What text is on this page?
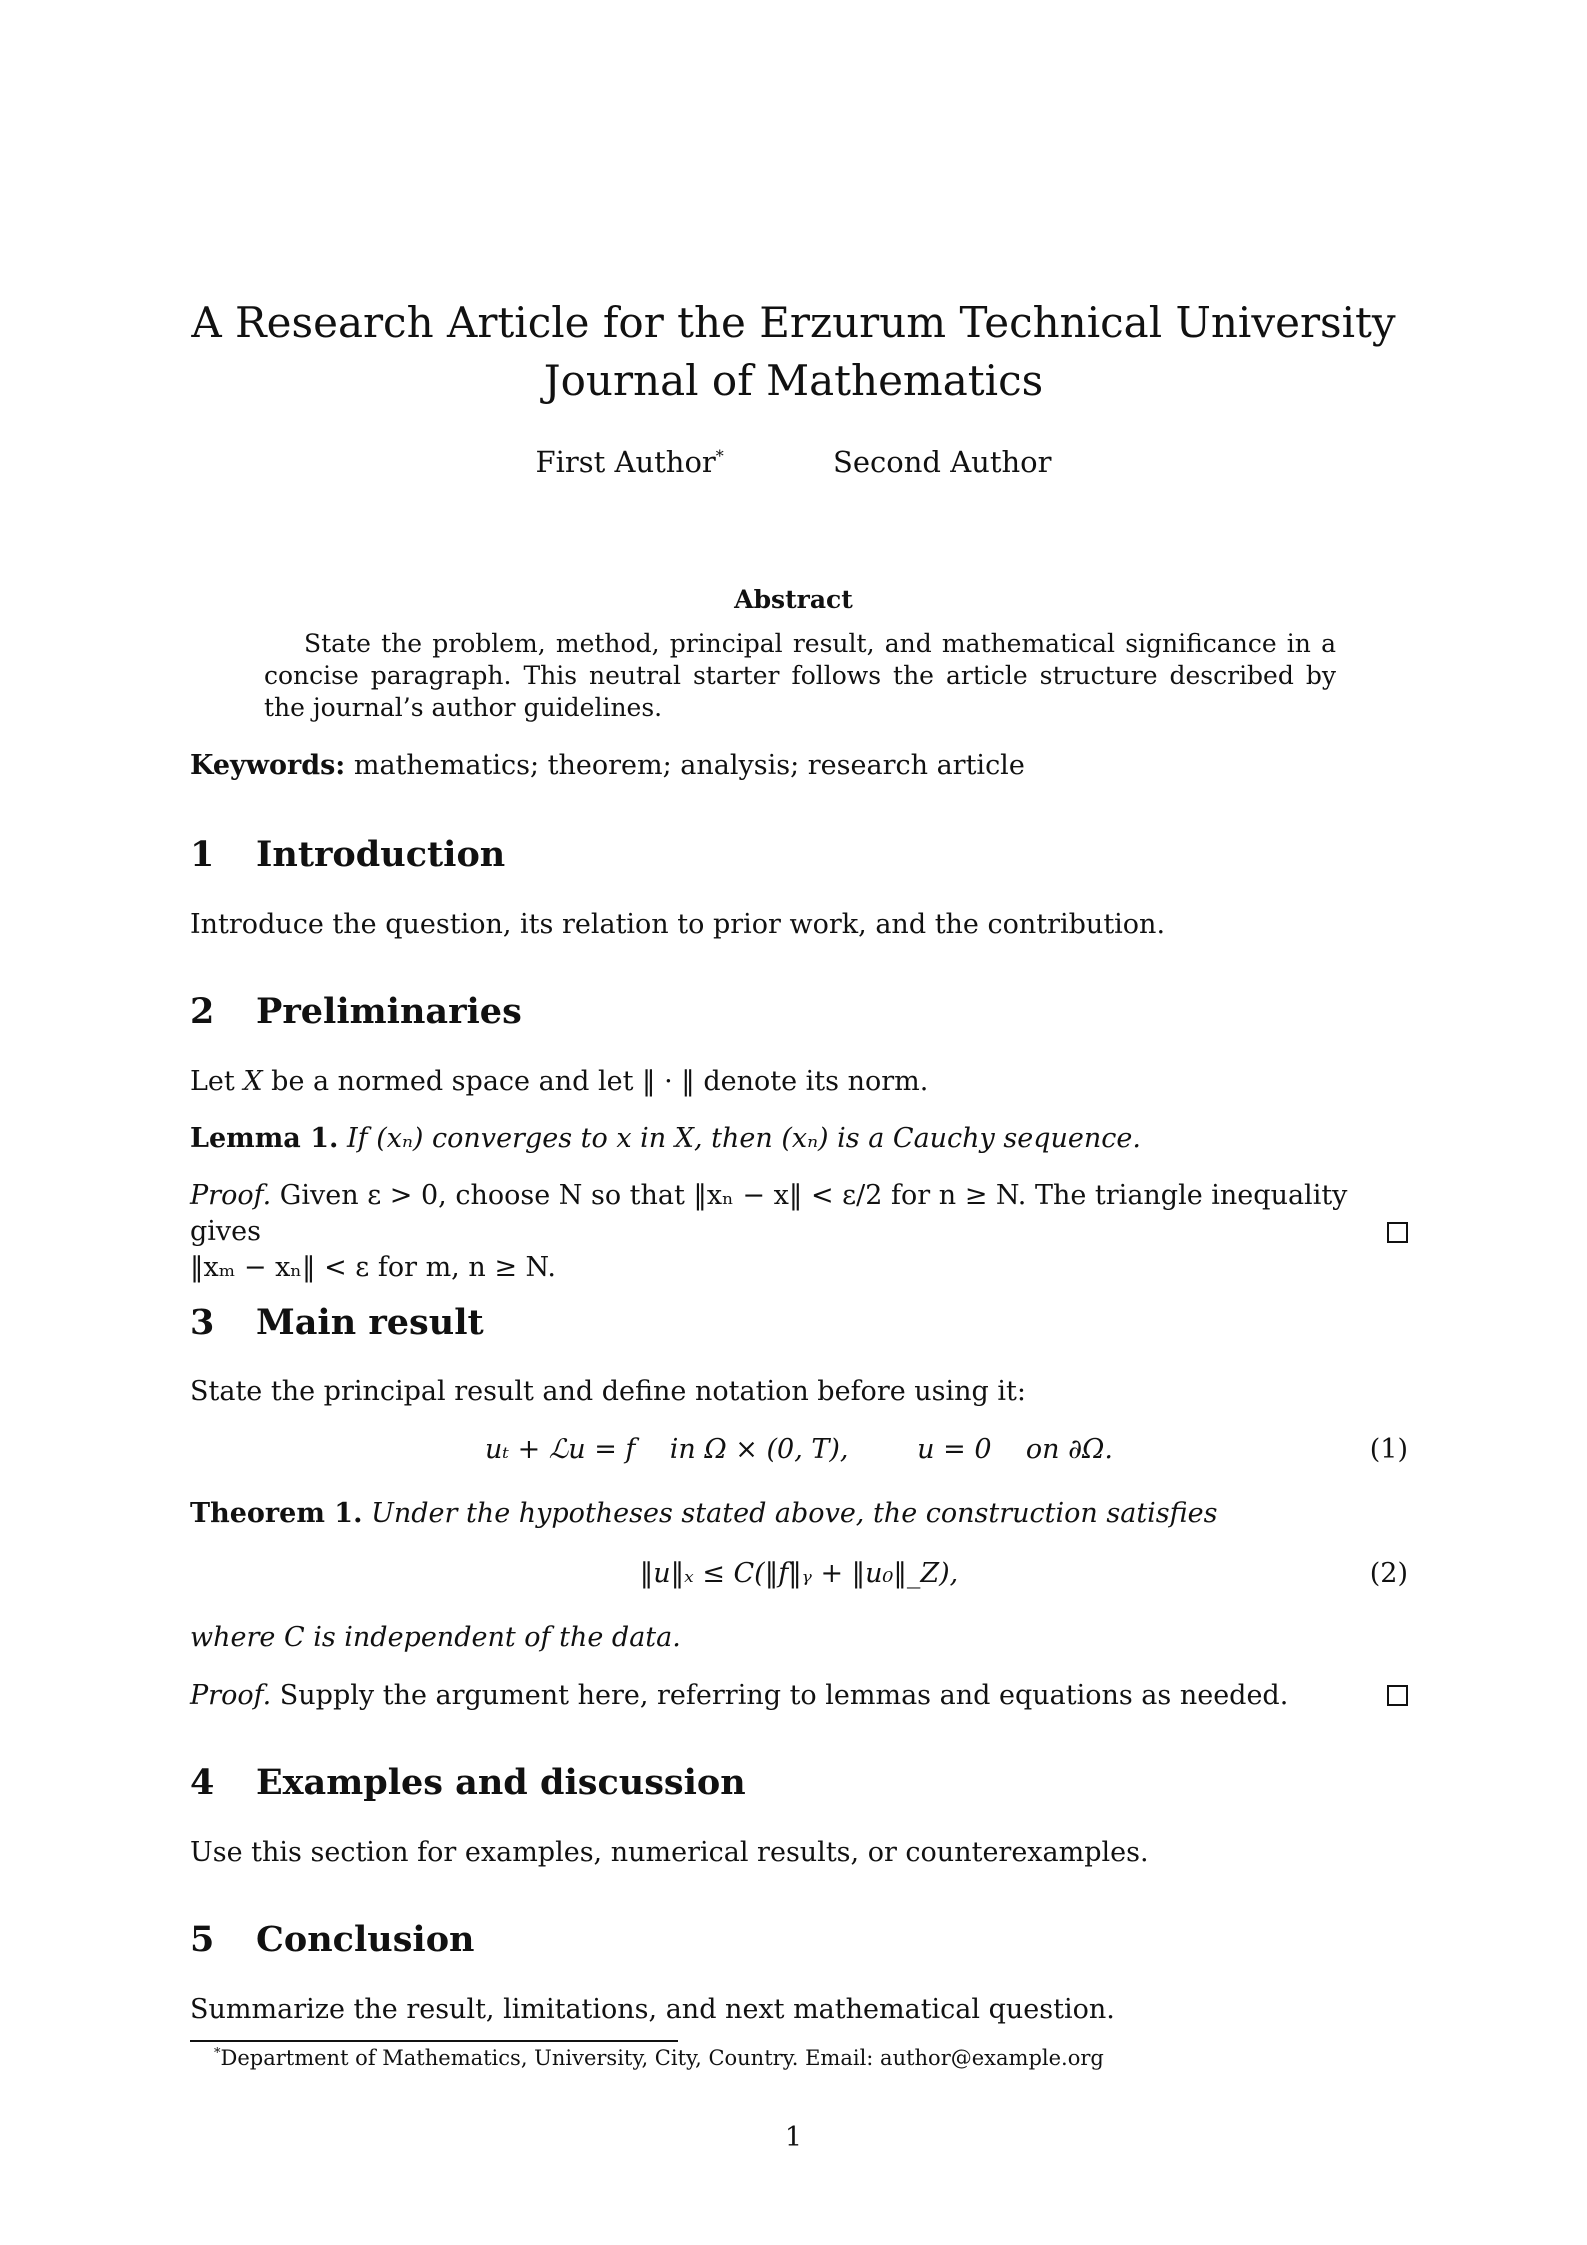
A Research Article for the Erzurum Technical University
Journal of Mathematics
First Author*	Second Author
Abstract
State the problem, method, principal result, and mathematical significance in a concise paragraph. This neutral starter follows the article structure described by the journal’s author guidelines.
Keywords: mathematics; theorem; analysis; research article
1 Introduction
Introduce the question, its relation to prior work, and the contribution.
2 Preliminaries
Let X be a normed space and let ‖ · ‖ denote its norm.
Lemma 1. If (xₙ) converges to x in X, then (xₙ) is a Cauchy sequence.
Proof. Given ε > 0, choose N so that ‖xₙ − x‖ < ε/2 for n ≥ N. The triangle inequality gives
‖xₘ − xₙ‖ < ε for m, n ≥ N.
3 Main result
State the principal result and define notation before using it:
uₜ + ℒu = f    in Ω × (0, T),        u = 0    on ∂Ω.	(1)
Theorem 1. Under the hypotheses stated above, the construction satisfies
‖u‖ₓ ≤ C(‖f‖ᵧ + ‖u₀‖_Z),	(2)
where C is independent of the data.
Proof. Supply the argument here, referring to lemmas and equations as needed.
4 Examples and discussion
Use this section for examples, numerical results, or counterexamples.
5 Conclusion
Summarize the result, limitations, and next mathematical question.
*Department of Mathematics, University, City, Country. Email: author@example.org
1
